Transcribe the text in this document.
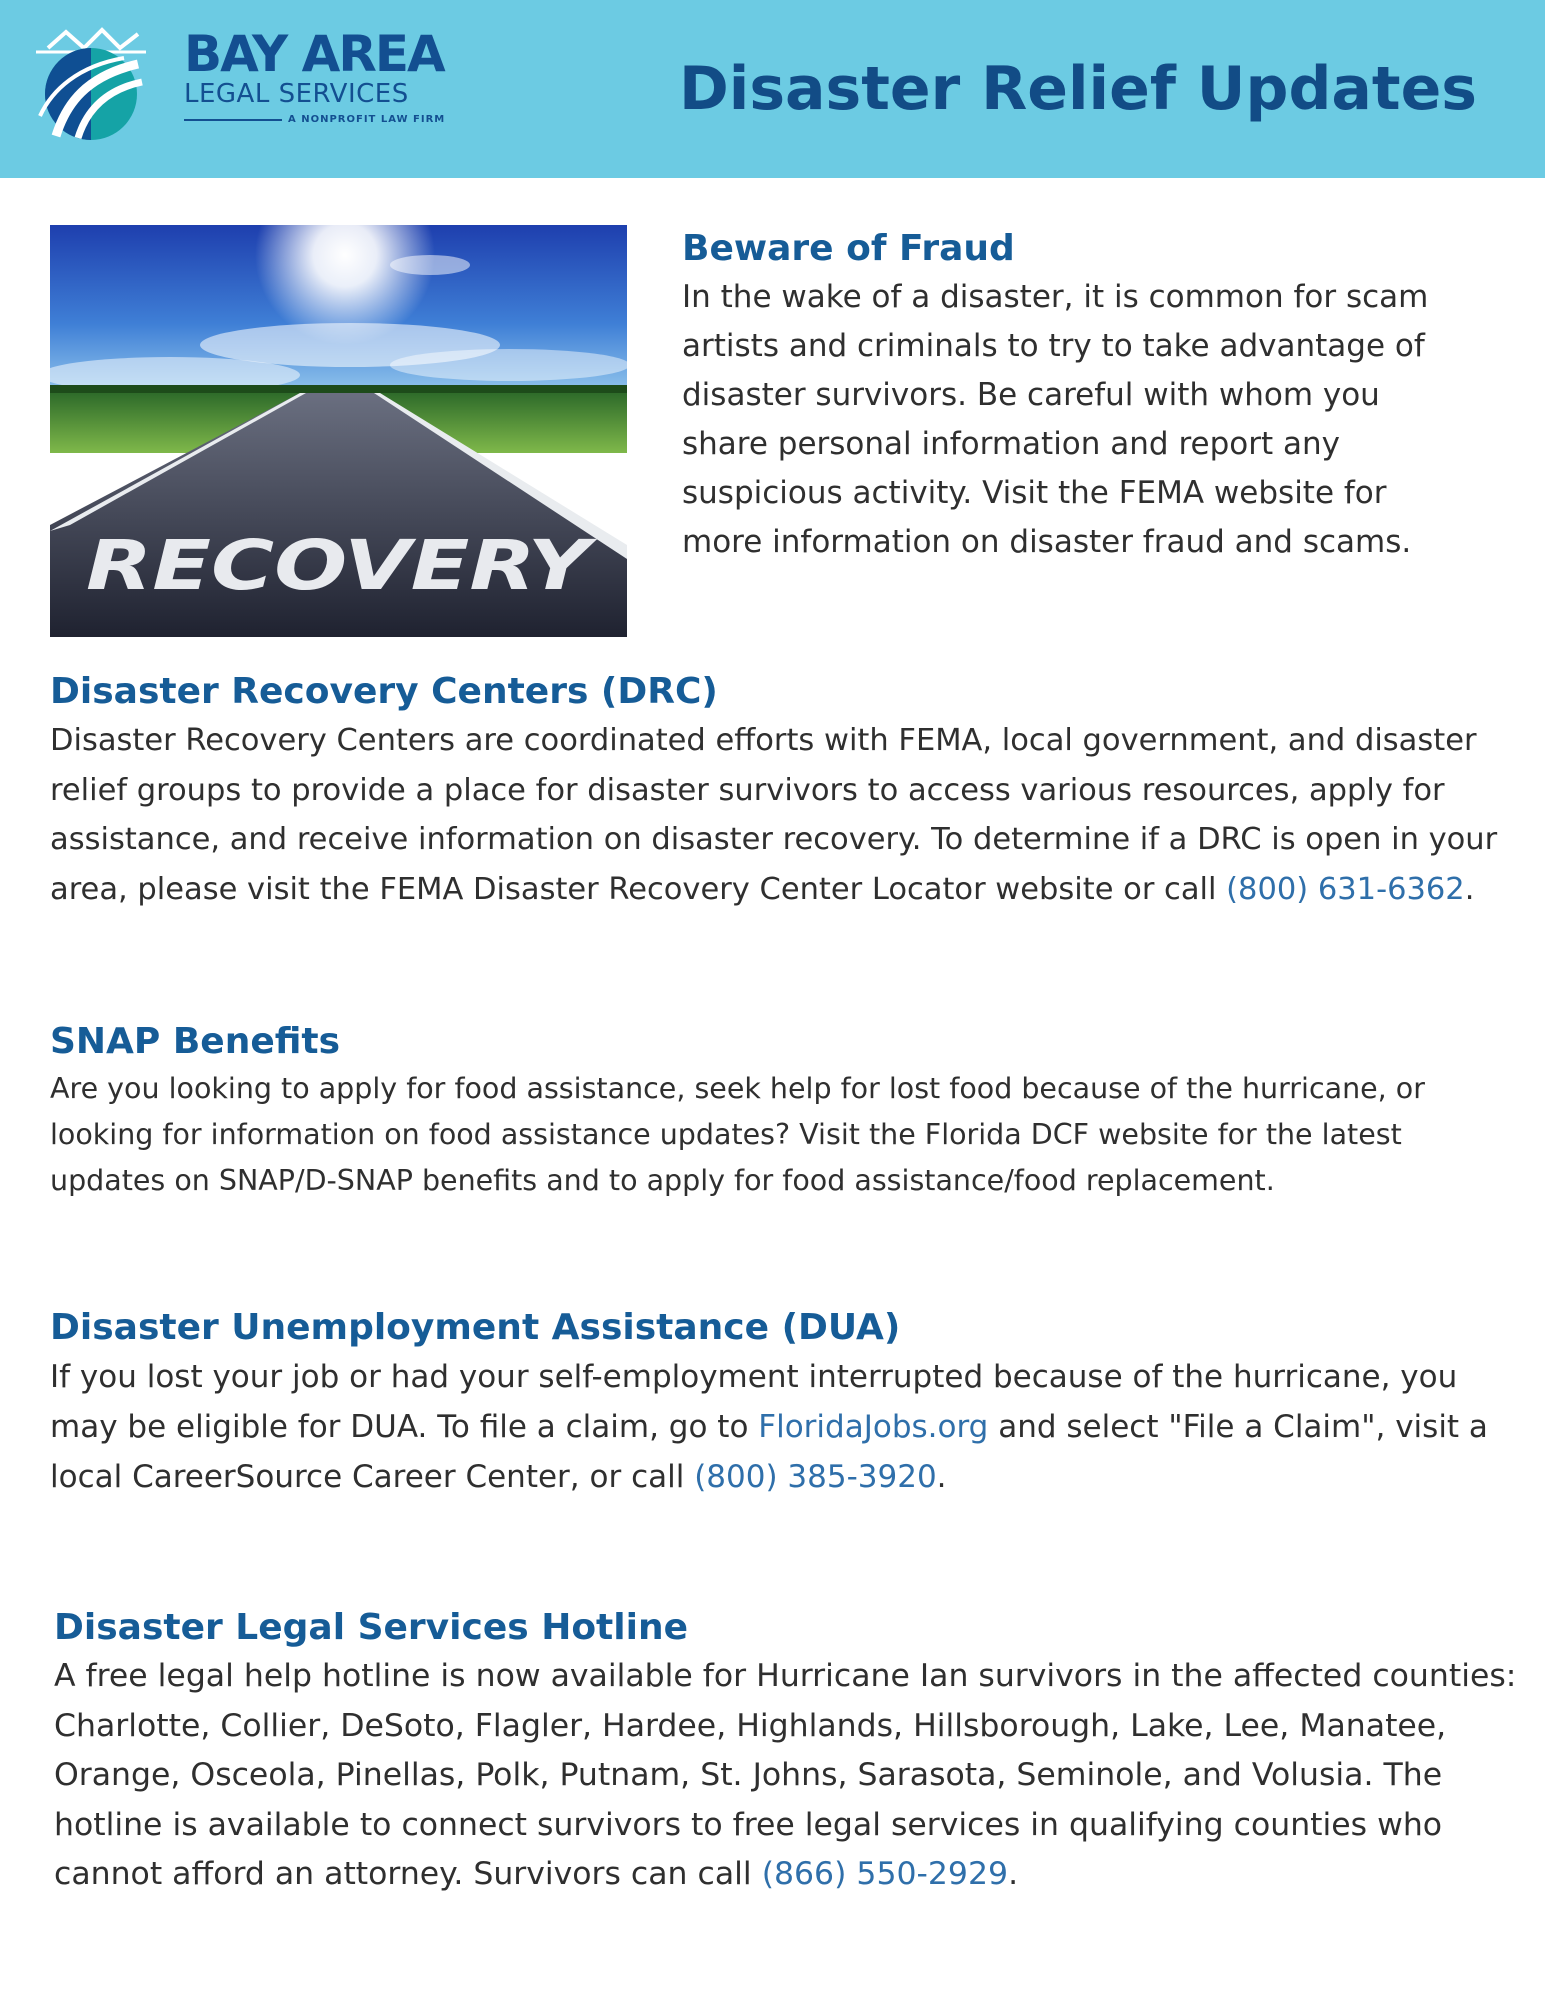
BAY AREA
LEGAL SERVICES
A NONPROFIT LAW FIRM	Disaster Relief Updates
RECOVERY
Beware of Fraud

In the wake of a disaster, it is common for scam artists and criminals to try to take advantage of disaster survivors. Be careful with whom you share personal information and report any suspicious activity. Visit the FEMA website for more information on disaster fraud and scams.

Disaster Recovery Centers (DRC)

Disaster Recovery Centers are coordinated efforts with FEMA, local government, and disaster relief groups to provide a place for disaster survivors to access various resources, apply for assistance, and receive information on disaster recovery. To determine if a DRC is open in your area, please visit the FEMA Disaster Recovery Center Locator website or call (800) 631-6362.

SNAP Benefits

Are you looking to apply for food assistance, seek help for lost food because of the hurricane, or looking for information on food assistance updates? Visit the Florida DCF website for the latest updates on SNAP/D-SNAP benefits and to apply for food assistance/food replacement.

Disaster Unemployment Assistance (DUA)

If you lost your job or had your self-employment interrupted because of the hurricane, you may be eligible for DUA. To file a claim, go to FloridaJobs.org and select "File a Claim", visit a local CareerSource Career Center, or call (800) 385-3920.

Disaster Legal Services Hotline

A free legal help hotline is now available for Hurricane Ian survivors in the affected counties: Charlotte, Collier, DeSoto, Flagler, Hardee, Highlands, Hillsborough, Lake, Lee, Manatee, Orange, Osceola, Pinellas, Polk, Putnam, St. Johns, Sarasota, Seminole, and Volusia. The hotline is available to connect survivors to free legal services in qualifying counties who cannot afford an attorney. Survivors can call (866) 550-2929.
